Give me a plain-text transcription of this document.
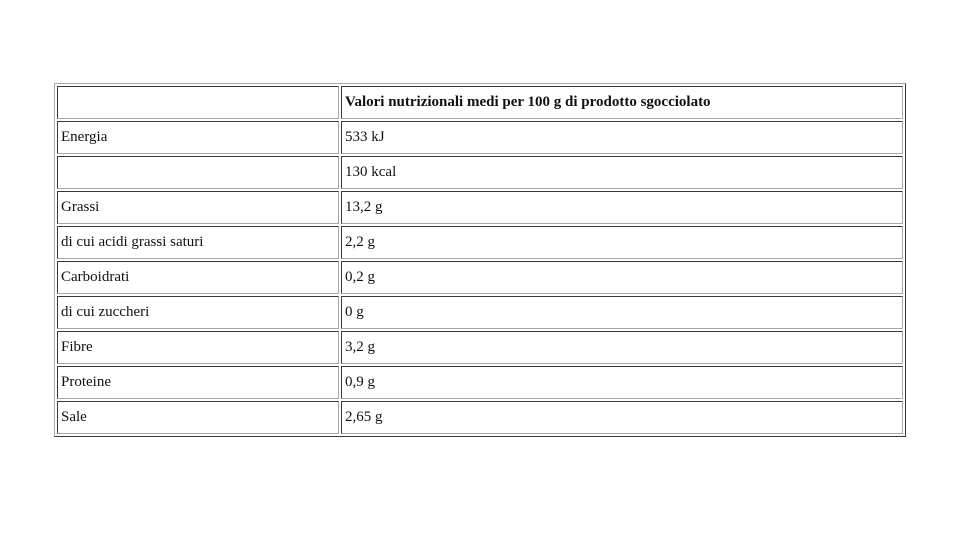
	Valori nutrizionali medi per 100 g di prodotto sgocciolato
Energia	533 kJ
	130 kcal
Grassi	13,2 g
di cui acidi grassi saturi	2,2 g
Carboidrati	0,2 g
di cui zuccheri	0 g
Fibre	3,2 g
Proteine	0,9 g
Sale	2,65 g
